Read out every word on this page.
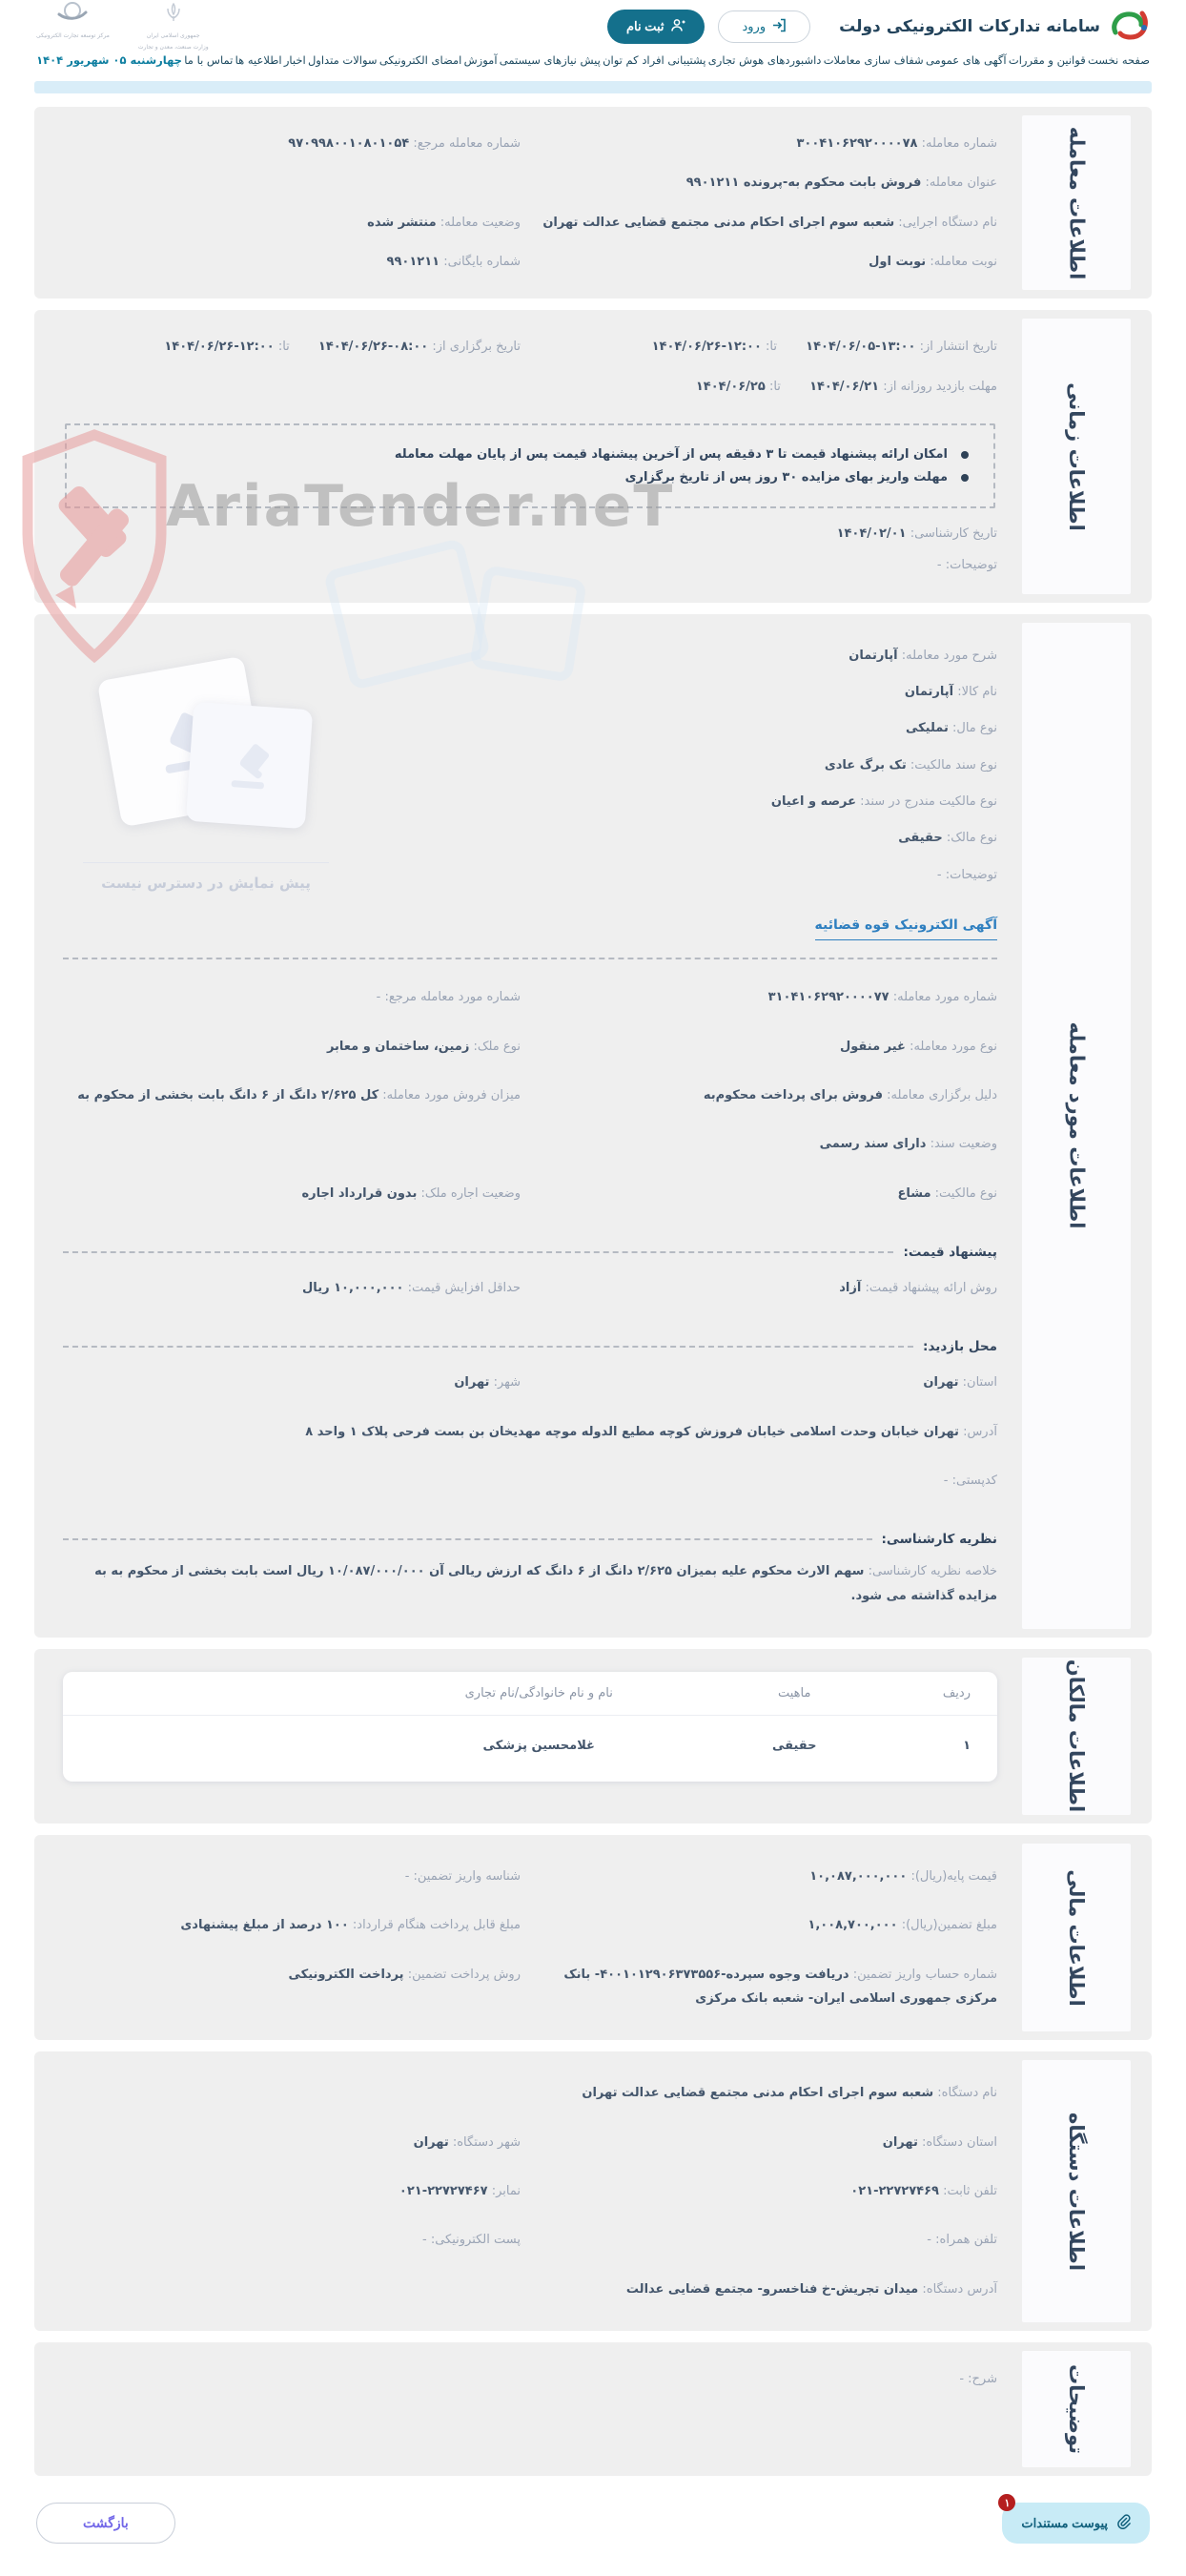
سامانه تدارکات الکترونیکی دولت
ورود
ثبت نام
جمهوری اسلامی ایران
وزارت صنعت، معدن و تجارت
مرکز توسعه تجارت الکترونیکی
صفحه نخست
قوانین و مقررات
آگهی های عمومی
شفاف سازی معاملات
داشبوردهای هوش تجاری
پشتیبانی افراد کم توان
پیش نیازهای سیستمی
آموزش
امضای الکترونیکی
سوالات متداول
اخبار
اطلاعیه ها
تماس با ما
چهارشنبه ۰۵ شهریور ۱۴۰۴
اطلاعات معامله
شماره معامله: ۳۰۰۴۱۰۶۲۹۲۰۰۰۰۷۸
شماره معامله مرجع: ۹۷۰۹۹۸۰۰۱۰۸۰۱۰۵۴
عنوان معامله: فروش بابت محکوم به-پرونده ۹۹۰۱۲۱۱
نام دستگاه اجرایی: شعبه سوم اجرای احکام مدنی مجتمع قضایی عدالت تهران
وضعیت معامله: منتشر شده
نوبت معامله: نوبت اول
شماره بایگانی: ۹۹۰۱۲۱۱
اطلاعات زمانی
تاریخ انتشار از: ۱۴۰۴/۰۶/۰۵-۱۳:۰۰ تا: ۱۴۰۴/۰۶/۲۶-۱۲:۰۰
تاریخ برگزاری از: ۱۴۰۴/۰۶/۲۶-۰۸:۰۰ تا: ۱۴۰۴/۰۶/۲۶-۱۲:۰۰
مهلت بازدید روزانه از: ۱۴۰۴/۰۶/۲۱ تا: ۱۴۰۴/۰۶/۲۵
امکان ارائه پیشنهاد قیمت تا ۳ دقیقه پس از آخرین پیشنهاد قیمت پس از پایان مهلت معامله
مهلت واریز بهای مزایده ۳۰ روز پس از تاریخ برگزاری
تاریخ کارشناسی: ۱۴۰۴/۰۲/۰۱
توضیحات: -
اطلاعات مورد معامله
شرح مورد معامله: آپارتمان
نام کالا: آپارتمان
نوع مال: تملیکی
نوع سند مالکیت: تک برگ عادی
نوع مالکیت مندرج در سند: عرصه و اعیان
نوع مالک: حقیقی
توضیحات: -
پیش نمایش در دسترس نیست
آگهی الکترونیک قوه قضائیه
شماره مورد معامله: ۳۱۰۴۱۰۶۲۹۲۰۰۰۰۷۷
شماره مورد معامله مرجع: -
نوع مورد معامله: غیر منقول
نوع ملک: زمین، ساختمان و معابر
دلیل برگزاری معامله: فروش برای پرداخت محکوم‌به
میزان فروش مورد معامله: کل ۲/۶۲۵ دانگ از ۶ دانگ بابت بخشی از محکوم به
وضعیت سند: دارای سند رسمی
نوع مالکیت: مشاع
وضعیت اجاره ملک: بدون قرارداد اجاره
پیشنهاد قیمت:
روش ارائه پیشنهاد قیمت: آزاد
حداقل افزایش قیمت: ۱۰,۰۰۰,۰۰۰ ریال
محل بازدید:
استان: تهران
شهر: تهران
آدرس: تهران خیابان وحدت اسلامی خیابان فروزش کوچه مطیع الدوله موچه مهدیخان بن بست فرحی پلاک ۱ واحد ۸
کدپستی: -
نظریه کارشناسی:
خلاصه نظریه کارشناسی: سهم الارث محکوم علیه بمیزان ۲/۶۲۵ دانگ از ۶ دانگ که ارزش ریالی آن ۱۰/۰۸۷/۰۰۰/۰۰۰ ریال است بابت بخشی از محکوم به به مزایده گذاشته می شود.
اطلاعات مالکان
ردیف
ماهیت
نام و نام خانوادگی/نام تجاری
۱
حقیقی
غلامحسین پزشکی
اطلاعات مالی
قیمت پایه(ریال): ۱۰,۰۸۷,۰۰۰,۰۰۰
شناسه واریز تضمین: -
مبلغ تضمین(ریال): ۱,۰۰۸,۷۰۰,۰۰۰
مبلغ قابل پرداخت هنگام قرارداد: ۱۰۰ درصد از مبلغ پیشنهادی
شماره حساب واریز تضمین: دریافت وجوه سپرده-۴۰۰۱۰۱۲۹۰۶۳۷۳۵۵۶- بانک مرکزی جمهوری اسلامی ایران- شعبه بانک مرکزی
روش پرداخت تضمین: پرداخت الکترونیکی
اطلاعات دستگاه
نام دستگاه: شعبه سوم اجرای احکام مدنی مجتمع قضایی عدالت تهران
استان دستگاه: تهران
شهر دستگاه: تهران
تلفن ثابت: ۰۲۱-۲۲۷۲۷۴۶۹
نمابر: ۰۲۱-۲۲۷۲۷۴۶۷
تلفن همراه: -
پست الکترونیکی: -
آدرس دستگاه: میدان تجریش-خ فناخسرو- مجتمع قضایی عدالت
توضیحات
شرح: -
۱
پیوست مستندات
بازگشت
AriaTender.neT
